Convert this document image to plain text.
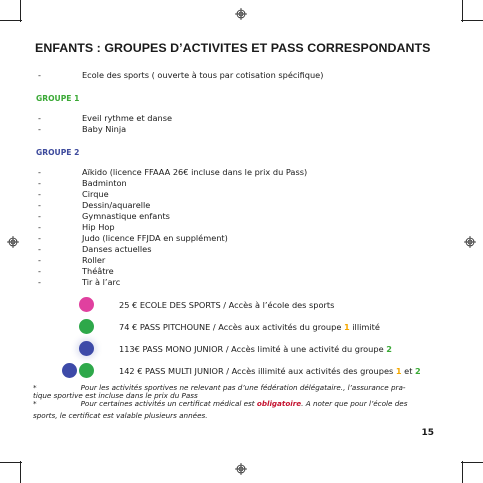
ENFANTS : GROUPES D’ACTIVITES ET PASS CORRESPONDANTS
-	Ecole des sports ( ouverte à tous par cotisation spécifique)
GROUPE 1
-	Eveil rythme et danse
-	Baby Ninja
GROUPE 2
-	Aïkido (licence FFAAA 26€ incluse dans le prix du Pass)
-	Badminton
-	Cirque
-	Dessin/aquarelle
-	Gymnastique enfants
-	Hip Hop
-	Judo (licence FFJDA en supplément)
-	Danses actuelles
-	Roller
-	Théâtre
-	Tir à l’arc
25 € ECOLE DES SPORTS / Accès à l’école des sports
74 € PASS PITCHOUNE / Accès aux activités du groupe 1 illimité
113€ PASS MONO JUNIOR / Accès limité à une activité du groupe 2
142 € PASS MULTI JUNIOR / Accès illimité aux activités des groupes 1 et 2
*	Pour les activités sportives ne relevant pas d’une fédération délégataire., l’assurance pra-
tique sportive est incluse dans le prix du Pass
*	Pour certaines activités un certificat médical est obligatoire. A noter que pour l’école des
sports, le certificat est valable plusieurs années.
15
